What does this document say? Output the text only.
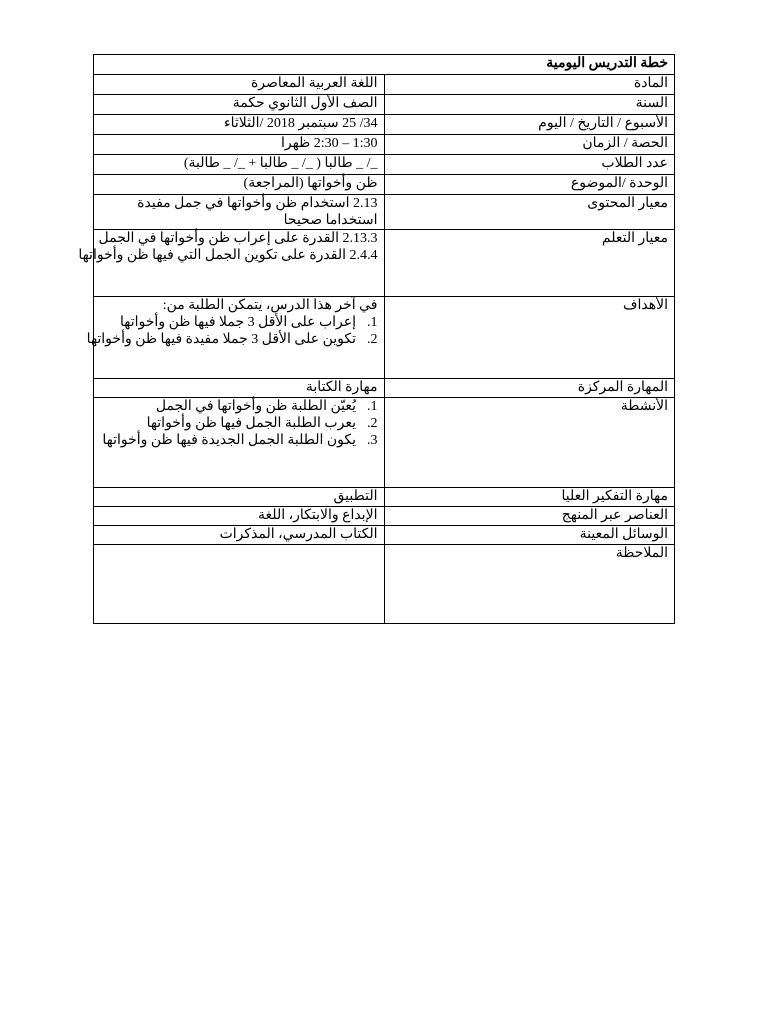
خطة التدريس اليومية	
المادة	اللغة العربية المعاصرة
السنة	الصف الأول الثانوي حكمة
الأسبوع / التاريخ / اليوم	34/ 25 سبتمبر 2018 /الثلاثاء
الحصة / الزمان	1:30 – 2:30 ظهرا
عدد الطلاب	_/ _ طالبا ( _/ _ طالبا + _/ _ طالبة)
الوحدة /الموضوع	ظن وأخواتها (المراجعة)
معيار المحتوى	2.13 استخدام ظن وأخواتها في جمل مفيدة استخداما صحيحا
معيار التعلم	2.13.3 القدرة على إعراب ظن وأخواتها في الجمل
2.4.4 القدرة على تكوين الجمل التي فيها ظن وأخواتها

الأهداف	في آخر هذا الدرس، يتمكن الطلبة من:
1. إعراب على الأقل 3 جملا فيها ظن وأخواتها
2. تكوين على الأقل 3 جملا مفيدة فيها ظن وأخواتها

المهارة المركزة	مهارة الكتابة
الأنشطة	1. يُعيّن الطلبة ظن وأخواتها في الجمل
2. يعرب الطلبة الجمل فيها ظن وأخواتها
3. يكون الطلبة الجمل الجديدة فيها ظن وأخواتها

مهارة التفكير العليا	التطبيق
العناصر عبر المنهج	الإبداع والابتكار، اللغة
الوسائل المعينة	الكتاب المدرسي، المذكرات
الملاحظة	
